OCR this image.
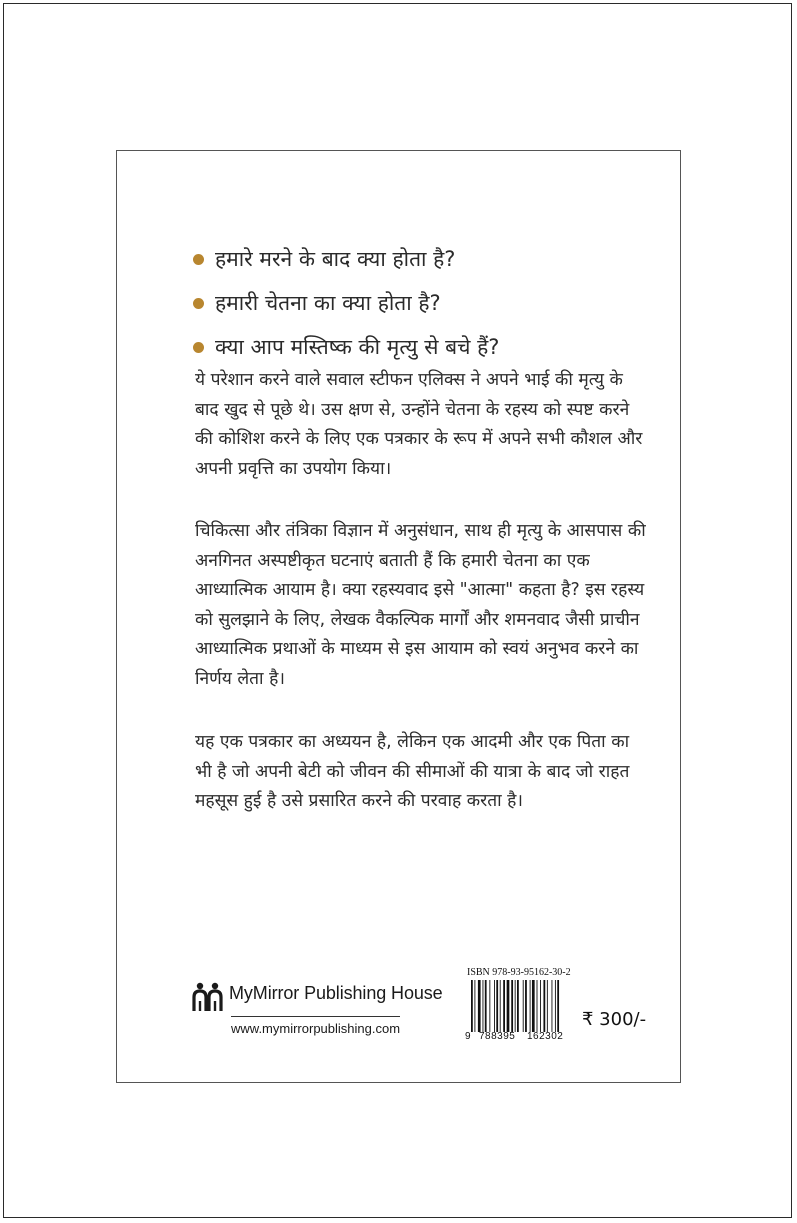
हमारे मरने के बाद क्या होता है?
हमारी चेतना का क्या होता है?
क्या आप मस्तिष्क की मृत्यु से बचे हैं?

ये परेशान करने वाले सवाल स्टीफन एलिक्स ने अपने भाई की मृत्यु के बाद खुद से पूछे थे। उस क्षण से, उन्होंने चेतना के रहस्य को स्पष्ट करने की कोशिश करने के लिए एक पत्रकार के रूप में अपने सभी कौशल और अपनी प्रवृत्ति का उपयोग किया।

चिकित्सा और तंत्रिका विज्ञान में अनुसंधान, साथ ही मृत्यु के आसपास की अनगिनत अस्पष्टीकृत घटनाएं बताती हैं कि हमारी चेतना का एक आध्यात्मिक आयाम है। क्या रहस्यवाद इसे "आत्मा" कहता है? इस रहस्य को सुलझाने के लिए, लेखक वैकल्पिक मार्गों और शमनवाद जैसी प्राचीन आध्यात्मिक प्रथाओं के माध्यम से इस आयाम को स्वयं अनुभव करने का निर्णय लेता है।

यह एक पत्रकार का अध्ययन है, लेकिन एक आदमी और एक पिता का भी है जो अपनी बेटी को जीवन की सीमाओं की यात्रा के बाद जो राहत महसूस हुई है उसे प्रसारित करने की परवाह करता है।

MyMirror Publishing House
www.mymirrorpublishing.com
ISBN 978-93-95162-30-2
9 788395 162302
₹ 300/-
